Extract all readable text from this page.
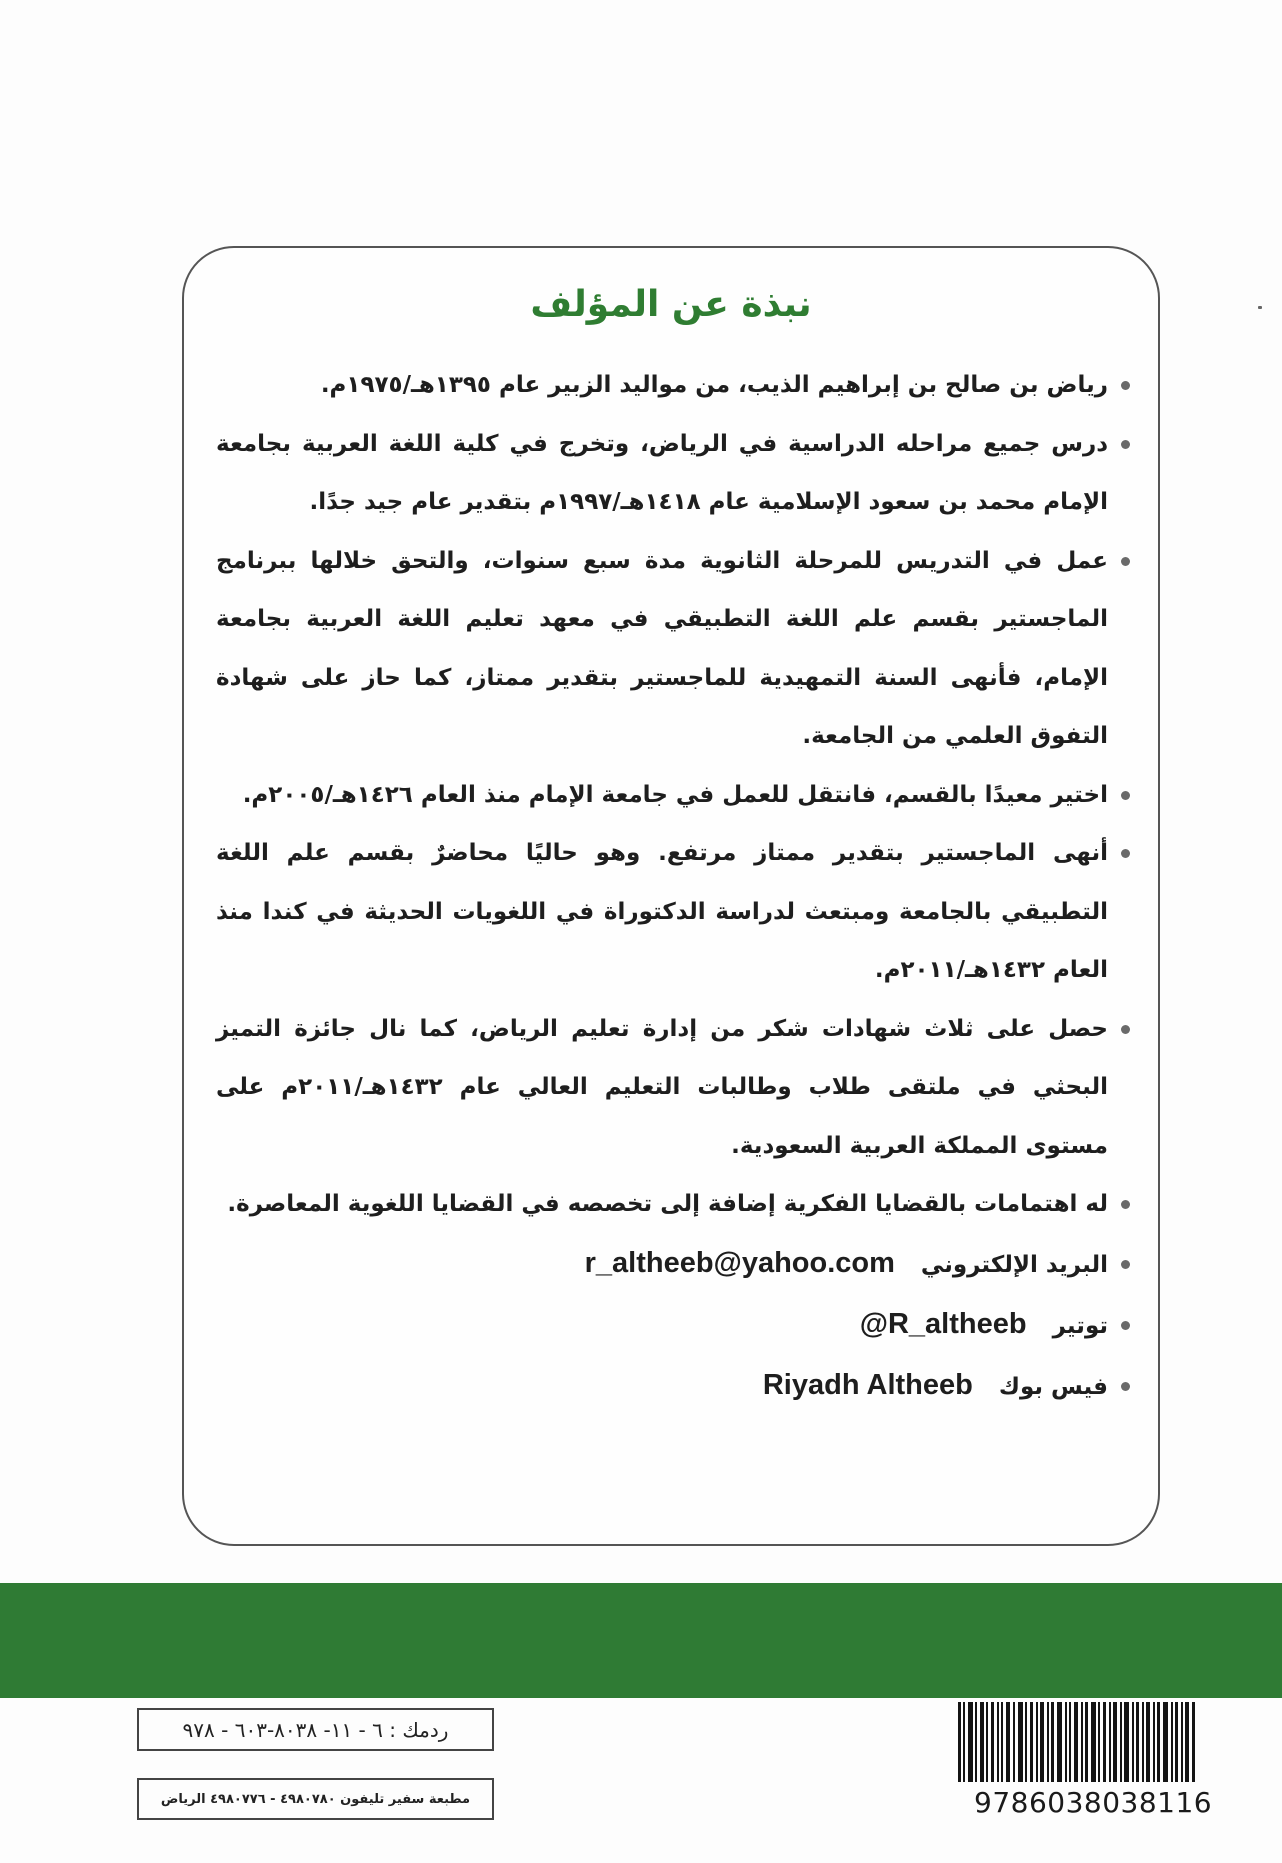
نبذة عن المؤلف
رياض بن صالح بن إبراهيم الذيب، من مواليد الزبير عام ١٣٩٥هـ/١٩٧٥م.
درس جميع مراحله الدراسية في الرياض، وتخرج في كلية اللغة العربية بجامعة الإمام محمد بن سعود الإسلامية عام ١٤١٨هـ/١٩٩٧م بتقدير عام جيد جدًا.
عمل في التدريس للمرحلة الثانوية مدة سبع سنوات، والتحق خلالها ببرنامج الماجستير بقسم علم اللغة التطبيقي في معهد تعليم اللغة العربية بجامعة الإمام، فأنهى السنة التمهيدية للماجستير بتقدير ممتاز، كما حاز على شهادة التفوق العلمي من الجامعة.
اختير معيدًا بالقسم، فانتقل للعمل في جامعة الإمام منذ العام ١٤٢٦هـ/٢٠٠٥م.
أنهى الماجستير بتقدير ممتاز مرتفع. وهو حاليًا محاضرٌ بقسم علم اللغة التطبيقي بالجامعة ومبتعث لدراسة الدكتوراة في اللغويات الحديثة في كندا منذ العام ١٤٣٢هـ/٢٠١١م.
حصل على ثلاث شهادات شكر من إدارة تعليم الرياض، كما نال جائزة التميز البحثي في ملتقى طلاب وطالبات التعليم العالي عام ١٤٣٢هـ/٢٠١١م على مستوى المملكة العربية السعودية.
له اهتمامات بالقضايا الفكرية إضافة إلى تخصصه في القضايا اللغوية المعاصرة.
البريد الإلكتروني r_altheeb@yahoo.com
توتير @R_altheeb
فيس بوك Riyadh Altheeb
ردمك : ٦ - ١١- ٨٠٣٨-٦٠٣ - ٩٧٨
مطبعة سفير تليفون ٤٩٨٠٧٨٠ - ٤٩٨٠٧٧٦ الرياض	9786038038116
